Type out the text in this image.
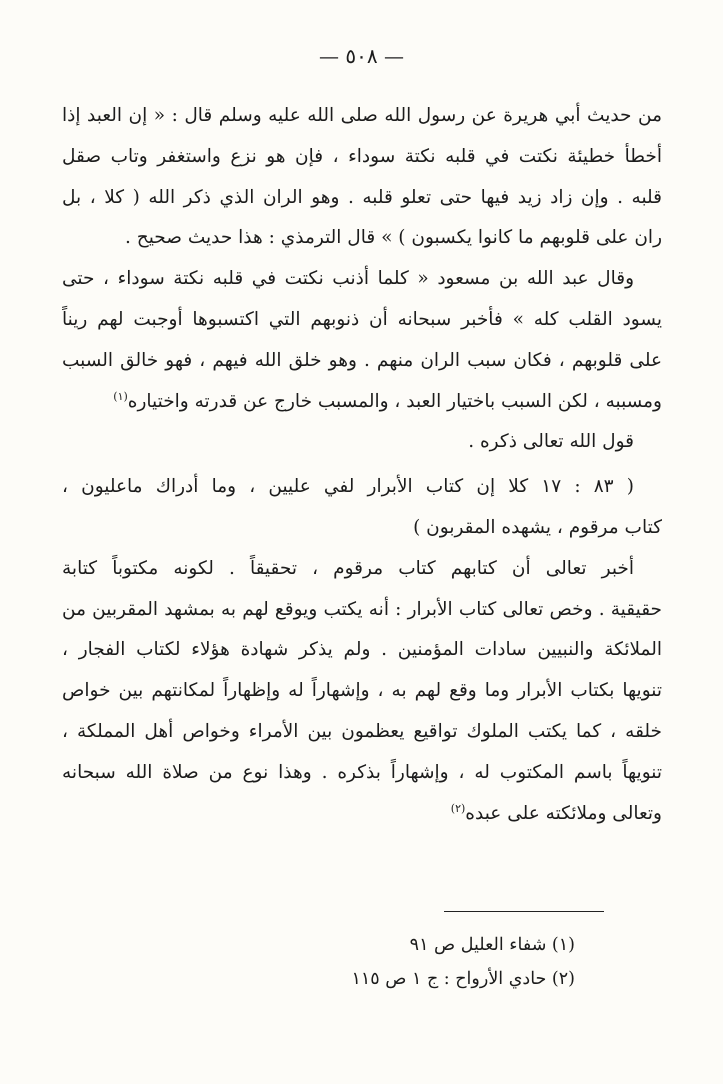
— ٥٠٨ —

من حديث أبي هريرة عن رسول الله صلى الله عليه وسلم قال : « إن العبد إذا
أخطأ خطيئة نكتت في قلبه نكتة سوداء ، فإن هو نزع واستغفر وتاب صقل
قلبه . وإن زاد زيد فيها حتى تعلو قلبه . وهو الران الذي ذكر الله ( كلا ، بل
ران على قلوبهم ما كانوا يكسبون ) » قال الترمذي : هذا حديث صحيح .

وقال عبد الله بن مسعود « كلما أذنب نكتت في قلبه نكتة سوداء ، حتى
يسود القلب كله » فأخبر سبحانه أن ذنوبهم التي اكتسبوها أوجبت لهم ريناً
على قلوبهم ، فكان سبب الران منهم . وهو خلق الله فيهم ، فهو خالق السبب
ومسببه ، لكن السبب باختيار العبد ، والمسبب خارج عن قدرته واختياره$^{(١)}$

قول الله تعالى ذكره .

( ٨٣ : ١٧ كلا إن كتاب الأبرار لفي عليين ، وما أدراك ماعليون ،
كتاب مرقوم ، يشهده المقربون )

أخبر تعالى أن كتابهم كتاب مرقوم ، تحقيقاً . لكونه مكتوباً كتابة
حقيقية . وخص تعالى كتاب الأبرار : أنه يكتب ويوقع لهم به بمشهد المقربين من
الملائكة والنبيين سادات المؤمنين . ولم يذكر شهادة هؤلاء لكتاب الفجار ،
تنويها بكتاب الأبرار وما وقع لهم به ، وإشهاراً له وإظهاراً لمكانتهم بين خواص
خلقه ، كما يكتب الملوك تواقيع يعظمون بين الأمراء وخواص أهل المملكة ،
تنويهاً باسم المكتوب له ، وإشهاراً بذكره . وهذا نوع من صلاة الله سبحانه
وتعالى وملائكته على عبده$^{(٢)}$

(١) شفاء العليل ص ٩١
(٢) حادي الأرواح : ج ١ ص ١١٥
